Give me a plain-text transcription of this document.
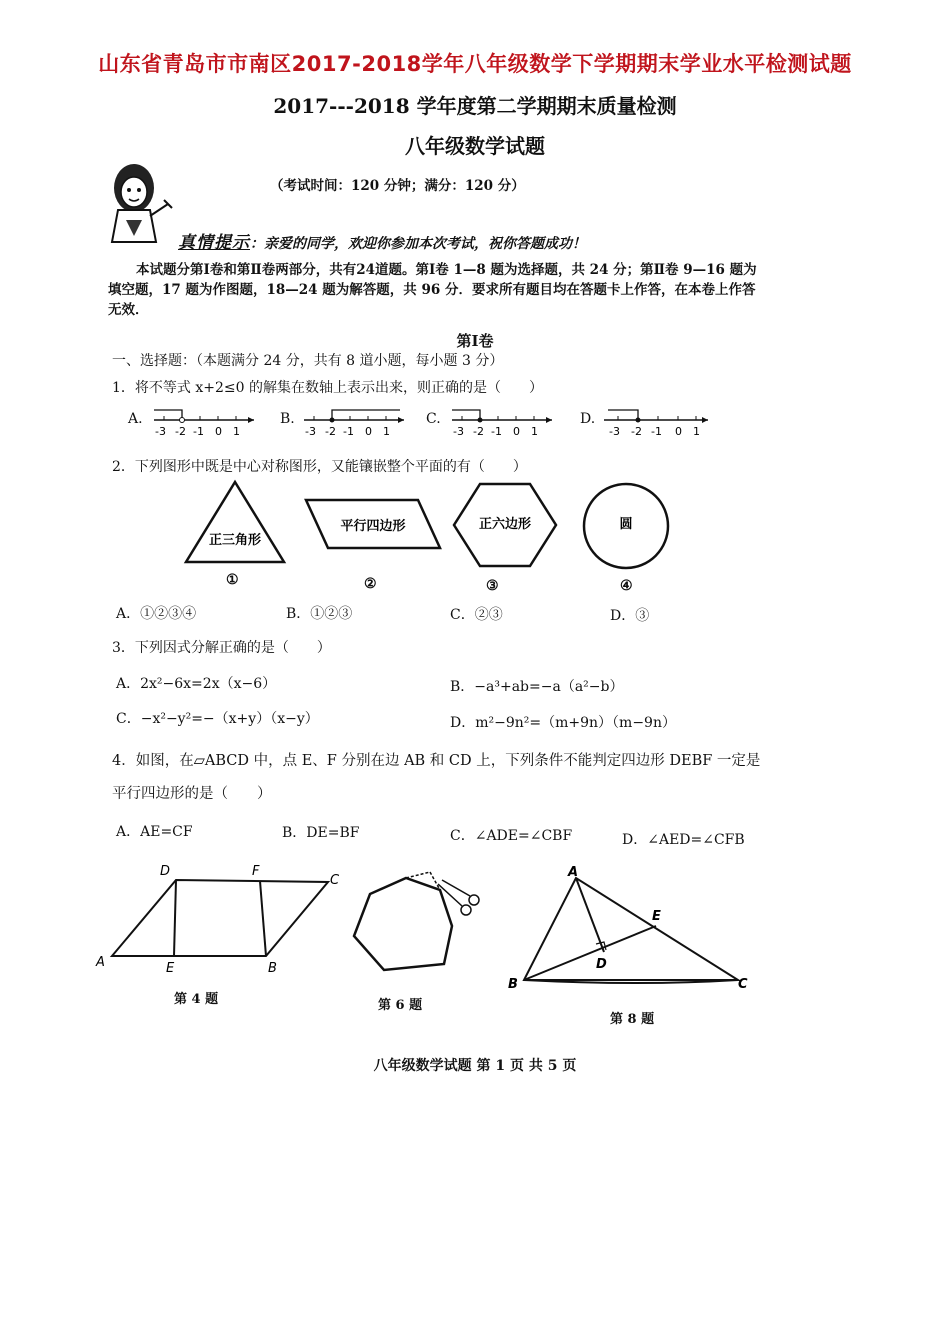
山东省青岛市市南区2017-2018学年八年级数学下学期期末学业水平检测试题
2017---2018 学年度第二学期期末质量检测
八年级数学试题
（考试时间：120 分钟；满分：120 分）
真情提示：亲爱的同学，欢迎你参加本次考试，祝你答题成功！
本试题分第Ⅰ卷和第Ⅱ卷两部分，共有24道题。第Ⅰ卷 1—8 题为选择题，共 24 分；第Ⅱ卷 9—16 题为填空题，17 题为作图题，18—24 题为解答题，共 96 分．要求所有题目均在答题卡上作答，在本卷上作答无效．
第Ⅰ卷
一、选择题：（本题满分 24 分，共有 8 道小题，每小题 3 分）
1．将不等式 x+2≤0 的解集在数轴上表示出来，则正确的是（　　）
A.
-3 -2 -1 0 1
B.
-3 -2 -1 0 1
C.
-3 -2 -1 0 1
D.
-3 -2 -1 0 1
2．下列图形中既是中心对称图形，又能镶嵌整个平面的有（　　）
正三角形
平行四边形	正六边形	圆
①	②	③	④
A．①②③④	B．①②③	C．②③	D．③
3．下列因式分解正确的是（　　）
A．2x²−6x=2x（x−6）	B．−a³+ab=−a（a²−b）
C．−x²−y²=−（x+y）（x−y）	D．m²−9n²=（m+9n）（m−9n）
4．如图，在▱ABCD 中，点 E、F 分别在边 AB 和 CD 上，下列条件不能判定四边形 DEBF 一定是
平行四边形的是（　　）
A．AE=CF	B．DE=BF	C．∠ADE=∠CBF	D．∠AED=∠CFB
D	F
C
A	E	B
第 4 题	第 6 题
A
E
D
B	C
第 8 题
八年级数学试题 第 1 页 共 5 页
